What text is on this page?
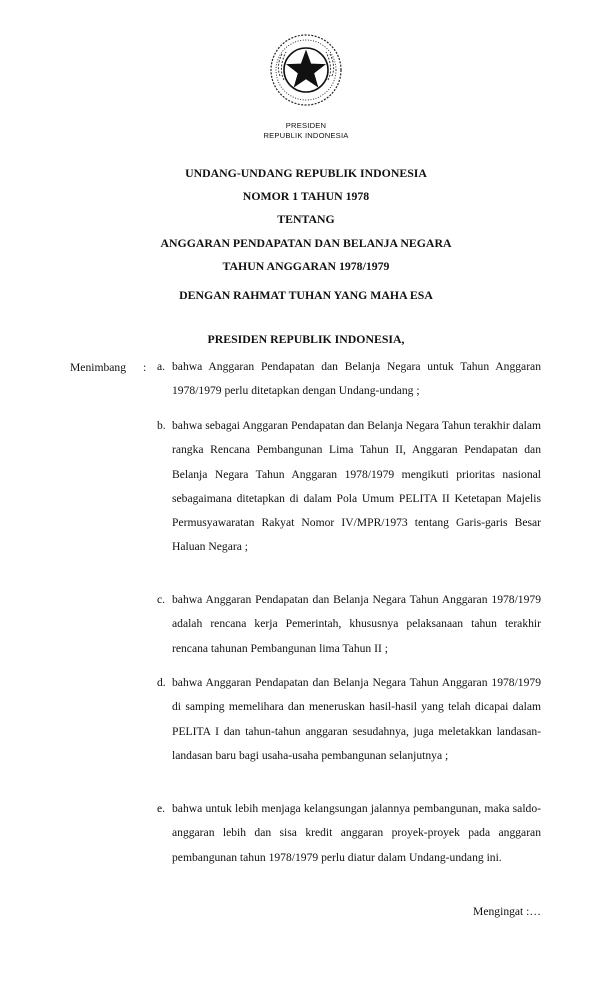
PRESIDEN
REPUBLIK INDONESIA
UNDANG-UNDANG REPUBLIK INDONESIA
NOMOR 1 TAHUN 1978
TENTANG
ANGGARAN PENDAPATAN DAN BELANJA NEGARA
TAHUN ANGGARAN 1978/1979
DENGAN RAHMAT TUHAN YANG MAHA ESA
PRESIDEN REPUBLIK INDONESIA,
Menimbang : a. bahwa Anggaran Pendapatan dan Belanja Negara untuk Tahun Anggaran 1978/1979 perlu ditetapkan dengan Undang-undang ;
b. bahwa sebagai Anggaran Pendapatan dan Belanja Negara Tahun terakhir dalam rangka Rencana Pembangunan Lima Tahun II, Anggaran Pendapatan dan Belanja Negara Tahun Anggaran 1978/1979 mengikuti prioritas nasional sebagaimana ditetapkan di dalam Pola Umum PELITA II Ketetapan Majelis Permusyawaratan Rakyat Nomor IV/MPR/1973 tentang Garis-garis Besar Haluan Negara ;
c. bahwa Anggaran Pendapatan dan Belanja Negara Tahun Anggaran 1978/1979 adalah rencana kerja Pemerintah, khususnya pelaksanaan tahun terakhir rencana tahunan Pembangunan lima Tahun II ;
d. bahwa Anggaran Pendapatan dan Belanja Negara Tahun Anggaran 1978/1979 di samping memelihara dan meneruskan hasil-hasil yang telah dicapai dalam PELITA I dan tahun-tahun anggaran sesudahnya, juga meletakkan landasan-landasan baru bagi usaha-usaha pembangunan selanjutnya ;
e. bahwa untuk lebih menjaga kelangsungan jalannya pembangunan, maka saldo-anggaran lebih dan sisa kredit anggaran proyek-proyek pada anggaran pembangunan tahun 1978/1979 perlu diatur dalam Undang-undang ini.
Mengingat :…
